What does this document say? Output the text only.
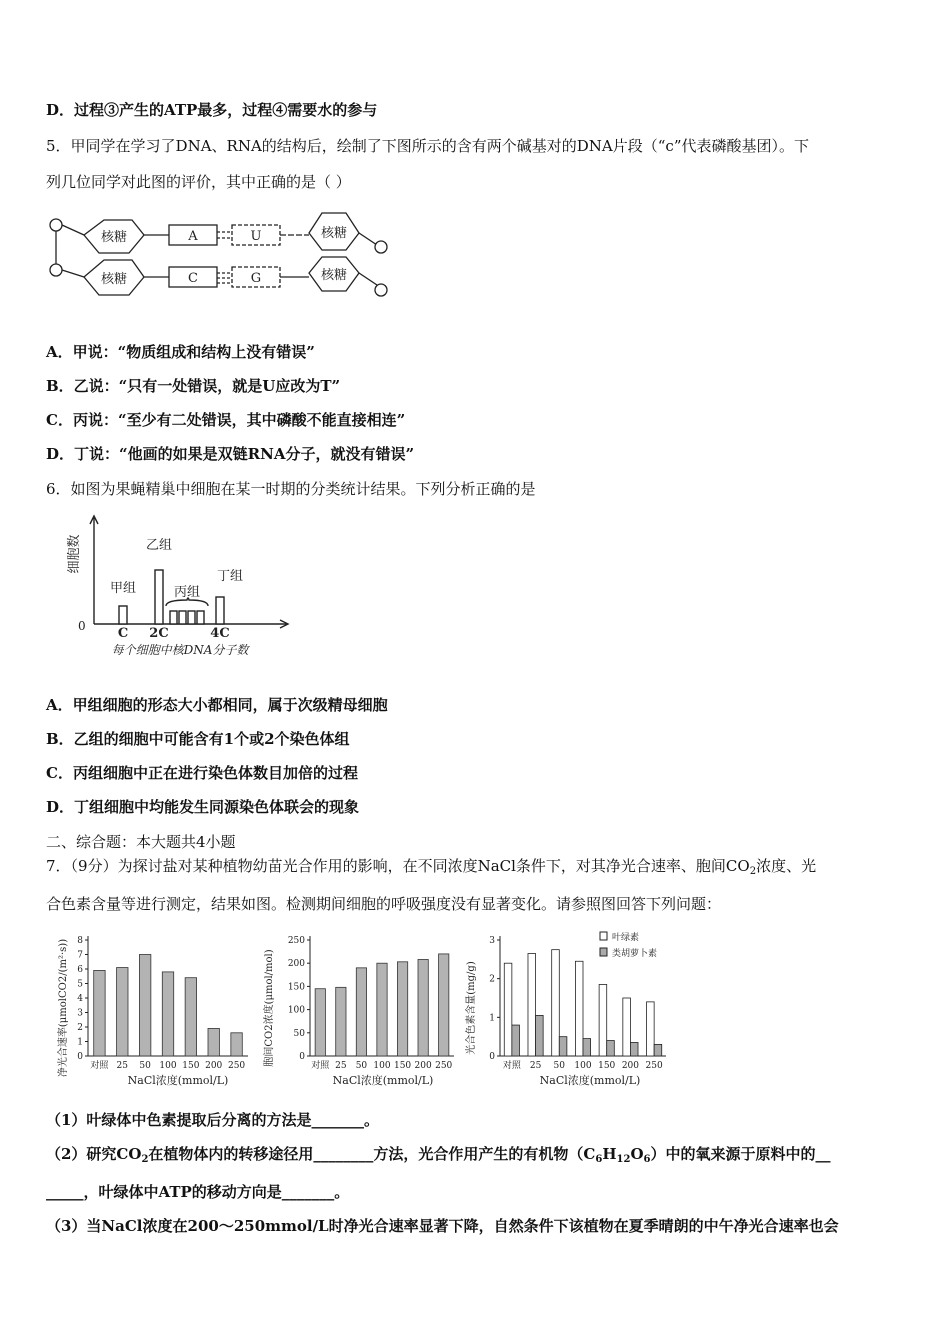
D．过程③产生的ATP最多，过程④需要水的参与
5．甲同学在学习了DNA、RNA的结构后，绘制了下图所示的含有两个碱基对的DNA片段（“c”代表磷酸基团）。下
列几位同学对此图的评价，其中正确的是（ ）
核糖
核糖
核糖
核糖
A
C
U
G
A．甲说：“物质组成和结构上没有错误”
B．乙说：“只有一处错误，就是U应改为T”
C．丙说：“至少有二处错误，其中磷酸不能直接相连”
D．丁说：“他画的如果是双链RNA分子，就没有错误”
6．如图为果蝇精巢中细胞在某一时期的分类统计结果。下列分析正确的是
细胞数
0 C 2C	4C
甲组
乙组
丙组
丁组
每个细胞中核DNA分子数
A．甲组细胞的形态大小都相同，属于次级精母细胞
B．乙组的细胞中可能含有1个或2个染色体组
C．丙组细胞中正在进行染色体数目加倍的过程
D．丁组细胞中均能发生同源染色体联会的现象
二、综合题：本大题共4小题
7．（9分）为探讨盐对某种植物幼苗光合作用的影响，在不同浓度NaCl条件下，对其净光合速率、胞间$CO_2$浓度、光
合色素含量等进行测定，结果如图。检测期间细胞的呼吸强度没有显著变化。请参照图回答下列问题：
净光合速率(μmolCO2/(m²·s)) 0
1
2
3
4
5
6
7
8
对照 25 50 100 150 200 250
NaCl浓度(mmol/L)
胞间CO2浓度(μmol/mol)	0
50
100
150
200
250
对照 25 50 100 150 200 250
NaCl浓度(mmol/L)
光合色素含量(mg/g)
0
1
2
3
对照 25 50 100 150 200 250
叶绿素
类胡萝卜素
NaCl浓度(mmol/L)
（1）叶绿体中色素提取后分离的方法是_______。
（2）研究$CO_2$在植物体内的转移途径用________方法，光合作用产生的有机物$(C_6H_{12}O_6)$中的氧来源于原料中的__
_____，叶绿体中ATP的移动方向是_______。
（3）当NaCl浓度在200～250mmol/L时净光合速率显著下降，自然条件下该植物在夏季晴朗的中午净光合速率也会
